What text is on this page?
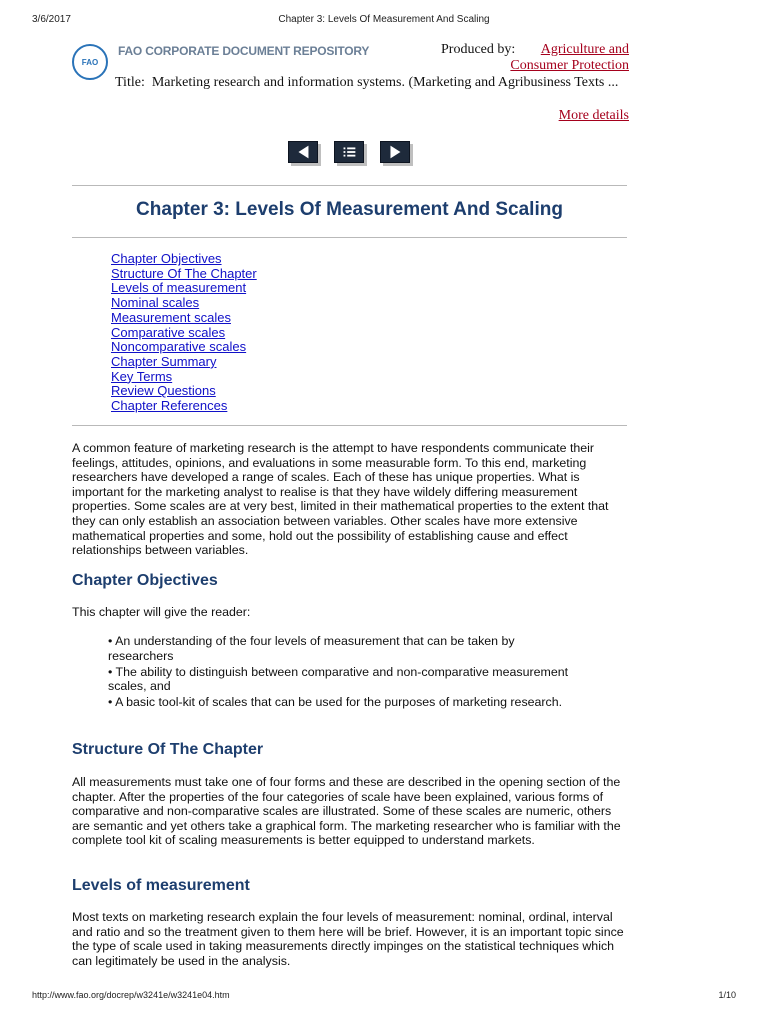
3/6/2017	Chapter 3: Levels Of Measurement And Scaling
FAO
FAO CORPORATE DOCUMENT REPOSITORY	Produced by:	Agriculture and
Consumer Protection
Title: Marketing research and information systems. (Marketing and Agribusiness Texts ...
More details
Chapter 3: Levels Of Measurement And Scaling
Chapter Objectives
Structure Of The Chapter
Levels of measurement
Nominal scales
Measurement scales
Comparative scales
Noncomparative scales
Chapter Summary
Key Terms
Review Questions
Chapter References

A common feature of marketing research is the attempt to have respondents communicate their feelings, attitudes, opinions, and evaluations in some measurable form. To this end, marketing researchers have developed a range of scales. Each of these has unique properties. What is important for the marketing analyst to realise is that they have wildely differing measurement properties. Some scales are at very best, limited in their mathematical properties to the extent that they can only establish an association between variables. Other scales have more extensive mathematical properties and some, hold out the possibility of establishing cause and effect relationships between variables.

Chapter Objectives

This chapter will give the reader:

• An understanding of the four levels of measurement that can be taken by researchers
• The ability to distinguish between comparative and non-comparative measurement scales, and
• A basic tool-kit of scales that can be used for the purposes of marketing research.
Structure Of The Chapter

All measurements must take one of four forms and these are described in the opening section of the chapter. After the properties of the four categories of scale have been explained, various forms of comparative and non-comparative scales are illustrated. Some of these scales are numeric, others are semantic and yet others take a graphical form. The marketing researcher who is familiar with the complete tool kit of scaling measurements is better equipped to understand markets.

Levels of measurement

Most texts on marketing research explain the four levels of measurement: nominal, ordinal, interval and ratio and so the treatment given to them here will be brief. However, it is an important topic since the type of scale used in taking measurements directly impinges on the statistical techniques which can legitimately be used in the analysis.

http://www.fao.org/docrep/w3241e/w3241e04.htm	1/10
